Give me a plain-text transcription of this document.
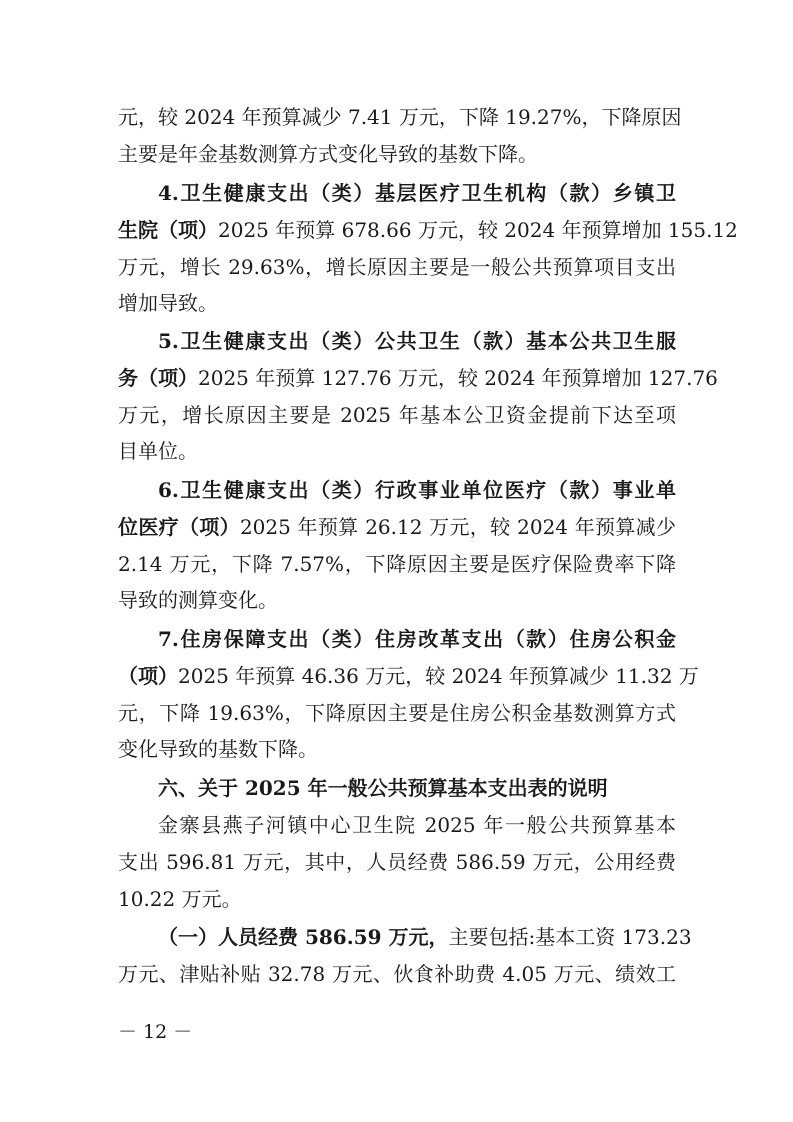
元，较 2024 年预算减少 7.41 万元，下降 19.27%，下降原因
主要是年金基数测算方式变化导致的基数下降。
4.卫生健康支出（类）基层医疗卫生机构（款）乡镇卫
生院（项）2025 年预算 678.66 万元，较 2024 年预算增加 155.12
万元，增长 29.63%，增长原因主要是一般公共预算项目支出
增加导致。
5.卫生健康支出（类）公共卫生（款）基本公共卫生服
务（项）2025 年预算 127.76 万元，较 2024 年预算增加 127.76
万元，增长原因主要是 2025 年基本公卫资金提前下达至项
目单位。
6.卫生健康支出（类）行政事业单位医疗（款）事业单
位医疗（项）2025 年预算 26.12 万元，较 2024 年预算减少
2.14 万元，下降 7.57%，下降原因主要是医疗保险费率下降
导致的测算变化。
7.住房保障支出（类）住房改革支出（款）住房公积金
（项）2025 年预算 46.36 万元，较 2024 年预算减少 11.32 万
元，下降 19.63%，下降原因主要是住房公积金基数测算方式
变化导致的基数下降。
六、关于 2025 年一般公共预算基本支出表的说明
金寨县燕子河镇中心卫生院 2025 年一般公共预算基本
支出 596.81 万元，其中，人员经费 586.59 万元，公用经费
10.22 万元。
（一）人员经费 586.59 万元，主要包括:基本工资 173.23
万元、津贴补贴 32.78 万元、伙食补助费 4.05 万元、绩效工
－ 12 －
